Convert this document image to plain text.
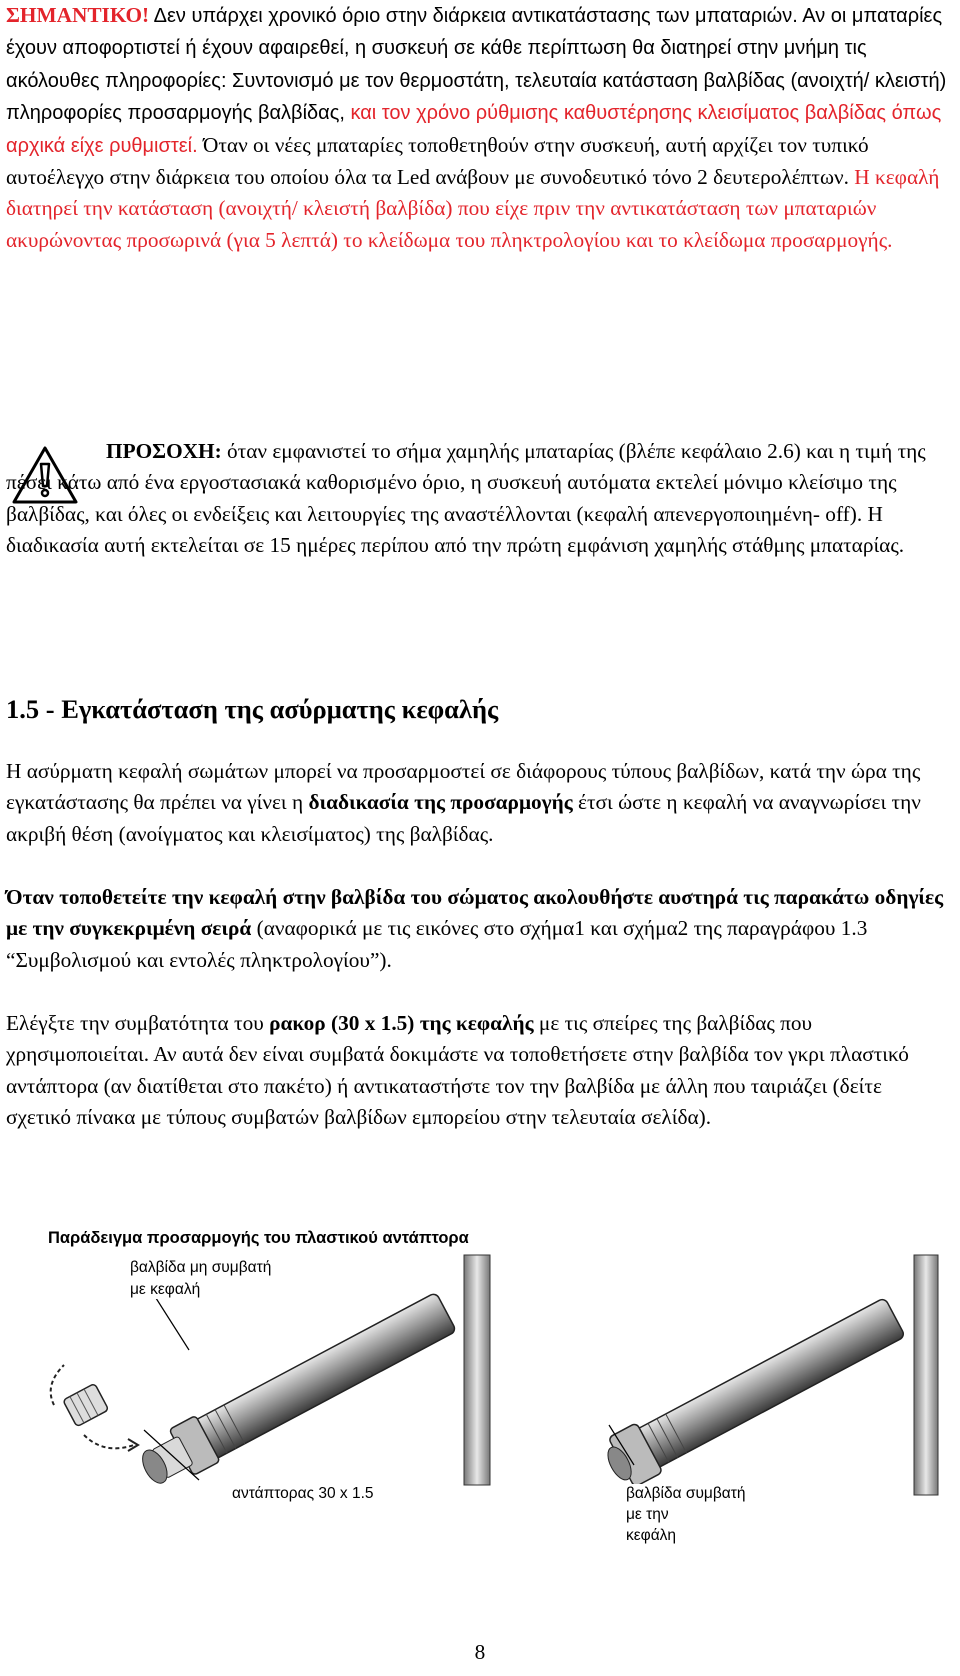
ΣΗΜΑΝΤΙΚΟ! Δεν υπάρχει χρονικό όριο στην διάρκεια αντικατάστασης των μπαταριών. Αν οι μπαταρίες έχουν αποφορτιστεί ή έχουν αφαιρεθεί, η συσκευή σε κάθε περίπτωση θα διατηρεί στην μνήμη τις ακόλουθες πληροφορίες: Συντονισμό με τον θερμοστάτη, τελευταία κατάσταση βαλβίδας (ανοιχτή/ κλειστή) πληροφορίες προσαρμογής βαλβίδας, και τον χρόνο ρύθμισης καθυστέρησης κλεισίματος βαλβίδας όπως αρχικά είχε ρυθμιστεί. Όταν οι νέες μπαταρίες τοποθετηθούν στην συσκευή, αυτή αρχίζει τον τυπικό αυτοέλεγχο στην διάρκεια του οποίου όλα τα Led ανάβουν με συνοδευτικό τόνο 2 δευτερολέπτων. Η κεφαλή διατηρεί την κατάσταση (ανοιχτή/ κλειστή βαλβίδα) που είχε πριν την αντικατάσταση των μπαταριών ακυρώνοντας προσωρινά (για 5 λεπτά) το κλείδωμα του πληκτρολογίου και το κλείδωμα προσαρμογής.

ΠΡΟΣΟΧΗ: όταν εμφανιστεί το σήμα χαμηλής μπαταρίας (βλέπε κεφάλαιο 2.6) και η τιμή της πέσει κάτω από ένα εργοστασιακά καθορισμένο όριο, η συσκευή αυτόματα εκτελεί μόνιμο κλείσιμο της βαλβίδας, και όλες οι ενδείξεις και λειτουργίες της αναστέλλονται (κεφαλή απενεργοποιημένη- off). Η διαδικασία αυτή εκτελείται σε 15 ημέρες περίπου από την πρώτη εμφάνιση χαμηλής στάθμης μπαταρίας.

1.5 - Εγκατάσταση της ασύρματης κεφαλής

Η ασύρματη κεφαλή σωμάτων μπορεί να προσαρμοστεί σε διάφορους τύπους βαλβίδων, κατά την ώρα της εγκατάστασης θα πρέπει να γίνει η διαδικασία της προσαρμογής έτσι ώστε η κεφαλή να αναγνωρίσει την ακριβή θέση (ανοίγματος και κλεισίματος) της βαλβίδας.

Όταν τοποθετείτε την κεφαλή στην βαλβίδα του σώματος ακολουθήστε αυστηρά τις παρακάτω οδηγίες με την συγκεκριμένη σειρά (αναφορικά με τις εικόνες στο σχήμα1 και σχήμα2 της παραγράφου 1.3 “Συμβολισμού και εντολές πληκτρολογίου”).

Ελέγξτε την συμβατότητα του ρακορ (30 x 1.5) της κεφαλής με τις σπείρες της βαλβίδας που χρησιμοποιείται. Αν αυτά δεν είναι συμβατά δοκιμάστε να τοποθετήσετε στην βαλβίδα τον γκρι πλαστικό αντάπτορα (αν διατίθεται στο πακέτο) ή αντικαταστήστε τον την βαλβίδα με άλλη που ταιριάζει (δείτε σχετικό πίνακα με τύπους συμβατών βαλβίδων εμπορείου στην τελευταία σελίδα).

Παράδειγμα προσαρμογής του πλαστικού αντάπτορα

βαλβίδα μη συμβατή

με κεφαλή

αντάπτορας 30 x 1.5	βαλβίδα συμβατή

με την

κεφάλη

8
